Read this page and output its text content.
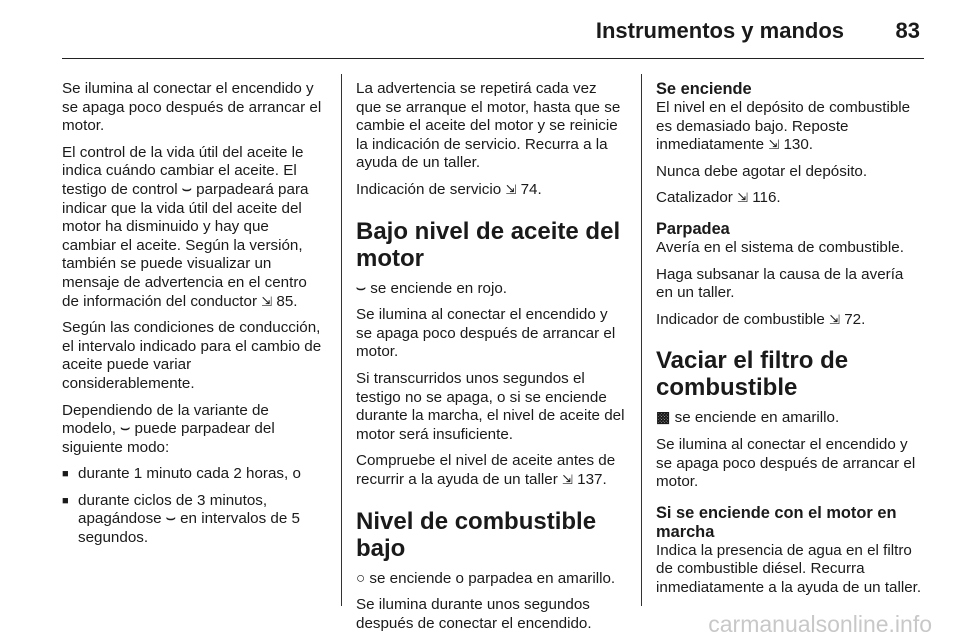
Instrumentos y mandos 83

Se ilumina al conectar el encendido y se apaga poco después de arrancar el motor.

El control de la vida útil del aceite le indica cuándo cambiar el aceite. El testigo de control ⌣ parpadeará para indicar que la vida útil del aceite del motor ha disminuido y hay que cambiar el aceite. Según la versión, también se puede visualizar un mensaje de advertencia en el centro de información del conductor ⇲ 85.

Según las condiciones de conducción, el intervalo indicado para el cambio de aceite puede variar considerablemente.

Dependiendo de la variante de modelo, ⌣ puede parpadear del siguiente modo:

■ durante 1 minuto cada 2 horas, o
■ durante ciclos de 3 minutos, apagándose ⌣ en intervalos de 5 segundos.

La advertencia se repetirá cada vez que se arranque el motor, hasta que se cambie el aceite del motor y se reinicie la indicación de servicio. Recurra a la ayuda de un taller.

Indicación de servicio ⇲ 74.

Bajo nivel de aceite del motor

⌣ se enciende en rojo.

Se ilumina al conectar el encendido y se apaga poco después de arrancar el motor.

Si transcurridos unos segundos el testigo no se apaga, o si se enciende durante la marcha, el nivel de aceite del motor será insuficiente.

Compruebe el nivel de aceite antes de recurrir a la ayuda de un taller ⇲ 137.

Nivel de combustible bajo

○ se enciende o parpadea en amarillo.

Se ilumina durante unos segundos después de conectar el encendido.

Se enciende

El nivel en el depósito de combustible es demasiado bajo. Reposte inmediatamente ⇲ 130.

Nunca debe agotar el depósito.

Catalizador ⇲ 116.

Parpadea

Avería en el sistema de combustible.

Haga subsanar la causa de la avería en un taller.

Indicador de combustible ⇲ 72.

Vaciar el filtro de combustible

▩ se enciende en amarillo.

Se ilumina al conectar el encendido y se apaga poco después de arrancar el motor.

Si se enciende con el motor en marcha

Indica la presencia de agua en el filtro de combustible diésel. Recurra inmediatamente a la ayuda de un taller.

carmanualsonline.info
